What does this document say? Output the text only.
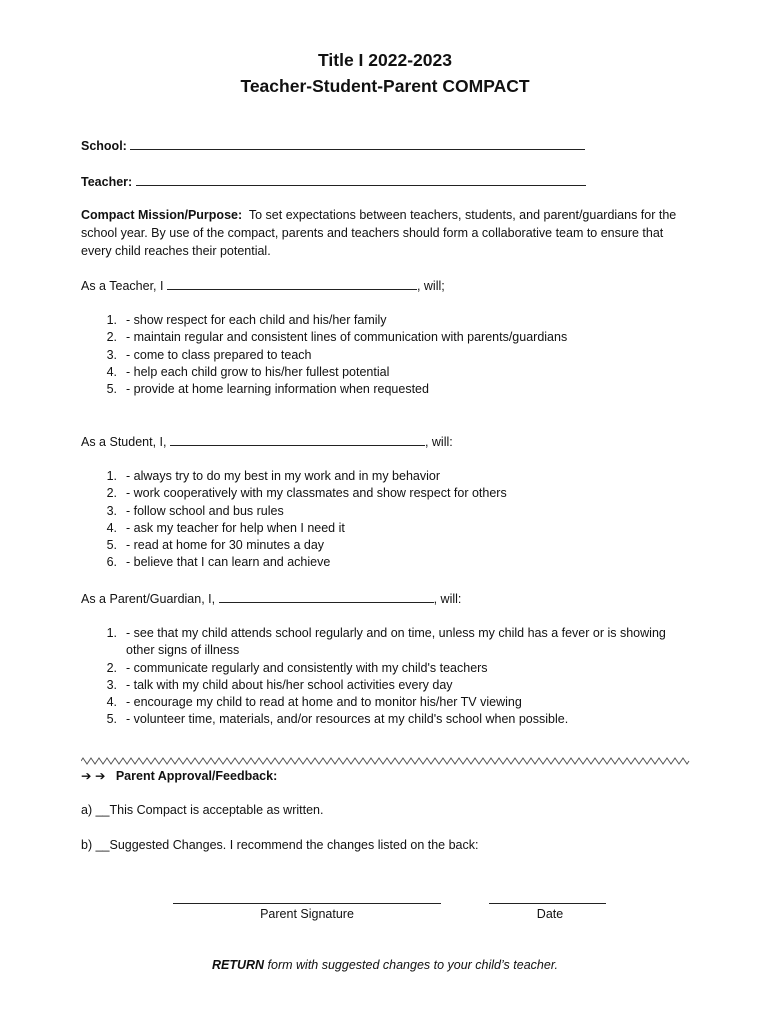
Title I 2022-2023
Teacher-Student-Parent COMPACT
School:
Teacher:
Compact Mission/Purpose: To set expectations between teachers, students, and parent/guardians for the school year. By use of the compact, parents and teachers should form a collaborative team to ensure that every child reaches their potential.
As a Teacher, I	, will;
1. - show respect for each child and his/her family
2. - maintain regular and consistent lines of communication with parents/guardians
3. - come to class prepared to teach
4. - help each child grow to his/her fullest potential
5. - provide at home learning information when requested
As a Student, I,	, will:
1. - always try to do my best in my work and in my behavior
2. - work cooperatively with my classmates and show respect for others
3. - follow school and bus rules
4. - ask my teacher for help when I need it
5. - read at home for 30 minutes a day
6. - believe that I can learn and achieve
As a Parent/Guardian, I,	, will:
1. - see that my child attends school regularly and on time, unless my child has a fever or is showing other signs of illness
2. - communicate regularly and consistently with my child's teachers
3. - talk with my child about his/her school activities every day
4. - encourage my child to read at home and to monitor his/her TV viewing
5. - volunteer time, materials, and/or resources at my child's school when possible.
➔ ➔ Parent Approval/Feedback:
a) __This Compact is acceptable as written.
b) __Suggested Changes. I recommend the changes listed on the back:
Parent Signature	Date
RETURN form with suggested changes to your child’s teacher.
